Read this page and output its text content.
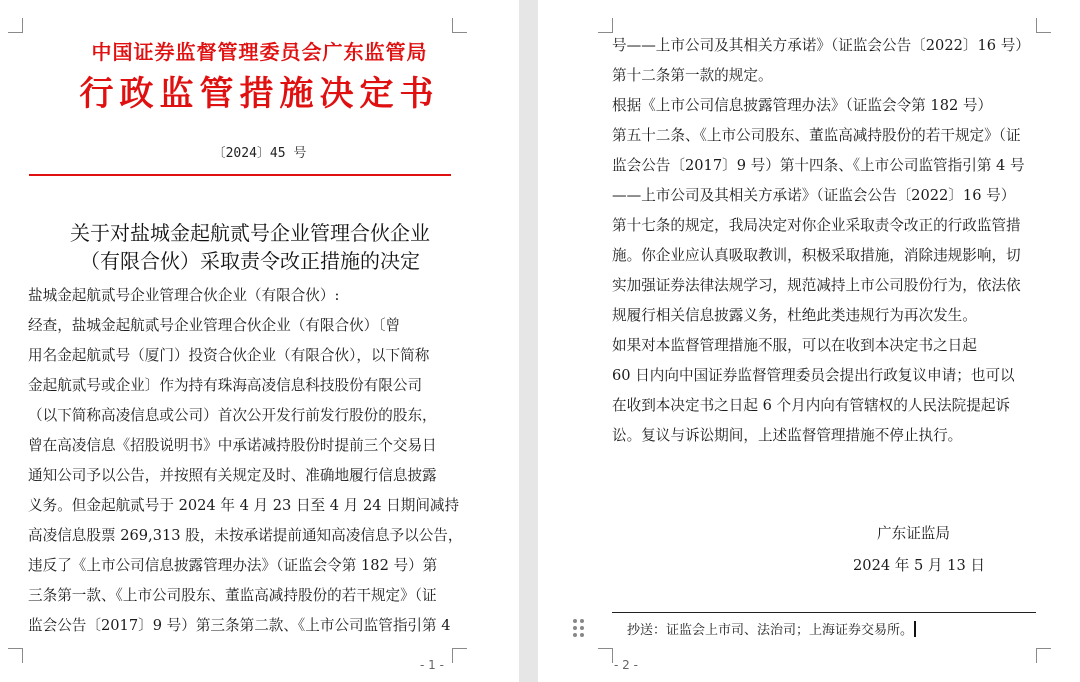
中国证券监督管理委员会广东监管局
行政监管措施决定书
〔2024〕45 号
关于对盐城金起航贰号企业管理合伙企业
（有限合伙）采取责令改正措施的决定
盐城金起航贰号企业管理合伙企业（有限合伙）:
经查，盐城金起航贰号企业管理合伙企业（有限合伙）〔曾
用名金起航贰号（厦门）投资合伙企业（有限合伙），以下简称
金起航贰号或企业〕作为持有珠海高凌信息科技股份有限公司
（以下简称高凌信息或公司）首次公开发行前发行股份的股东，
曾在高凌信息《招股说明书》中承诺减持股份时提前三个交易日
通知公司予以公告，并按照有关规定及时、准确地履行信息披露
义务。但金起航贰号于 2024 年 4 月 23 日至 4 月 24 日期间减持
高凌信息股票 269,313 股，未按承诺提前通知高凌信息予以公告，
违反了《上市公司信息披露管理办法》（证监会令第 182 号）第
三条第一款、《上市公司股东、董监高减持股份的若干规定》（证
监会公告〔2017〕9 号）第三条第二款、《上市公司监管指引第 4
- 1 -
号——上市公司及其相关方承诺》（证监会公告〔2022〕16 号）
第十二条第一款的规定。
根据《上市公司信息披露管理办法》（证监会令第 182 号）
第五十二条、《上市公司股东、董监高减持股份的若干规定》（证
监会公告〔2017〕9 号）第十四条、《上市公司监管指引第 4 号
——上市公司及其相关方承诺》（证监会公告〔2022〕16 号）
第十七条的规定，我局决定对你企业采取责令改正的行政监管措
施。你企业应认真吸取教训，积极采取措施，消除违规影响，切
实加强证券法律法规学习，规范减持上市公司股份行为，依法依
规履行相关信息披露义务，杜绝此类违规行为再次发生。
如果对本监督管理措施不服，可以在收到本决定书之日起
60 日内向中国证券监督管理委员会提出行政复议申请；也可以
在收到本决定书之日起 6 个月内向有管辖权的人民法院提起诉
讼。复议与诉讼期间，上述监督管理措施不停止执行。
广东证监局
2024 年 5 月 13 日
抄送：证监会上市司、法治司；上海证券交易所。
- 2 -
